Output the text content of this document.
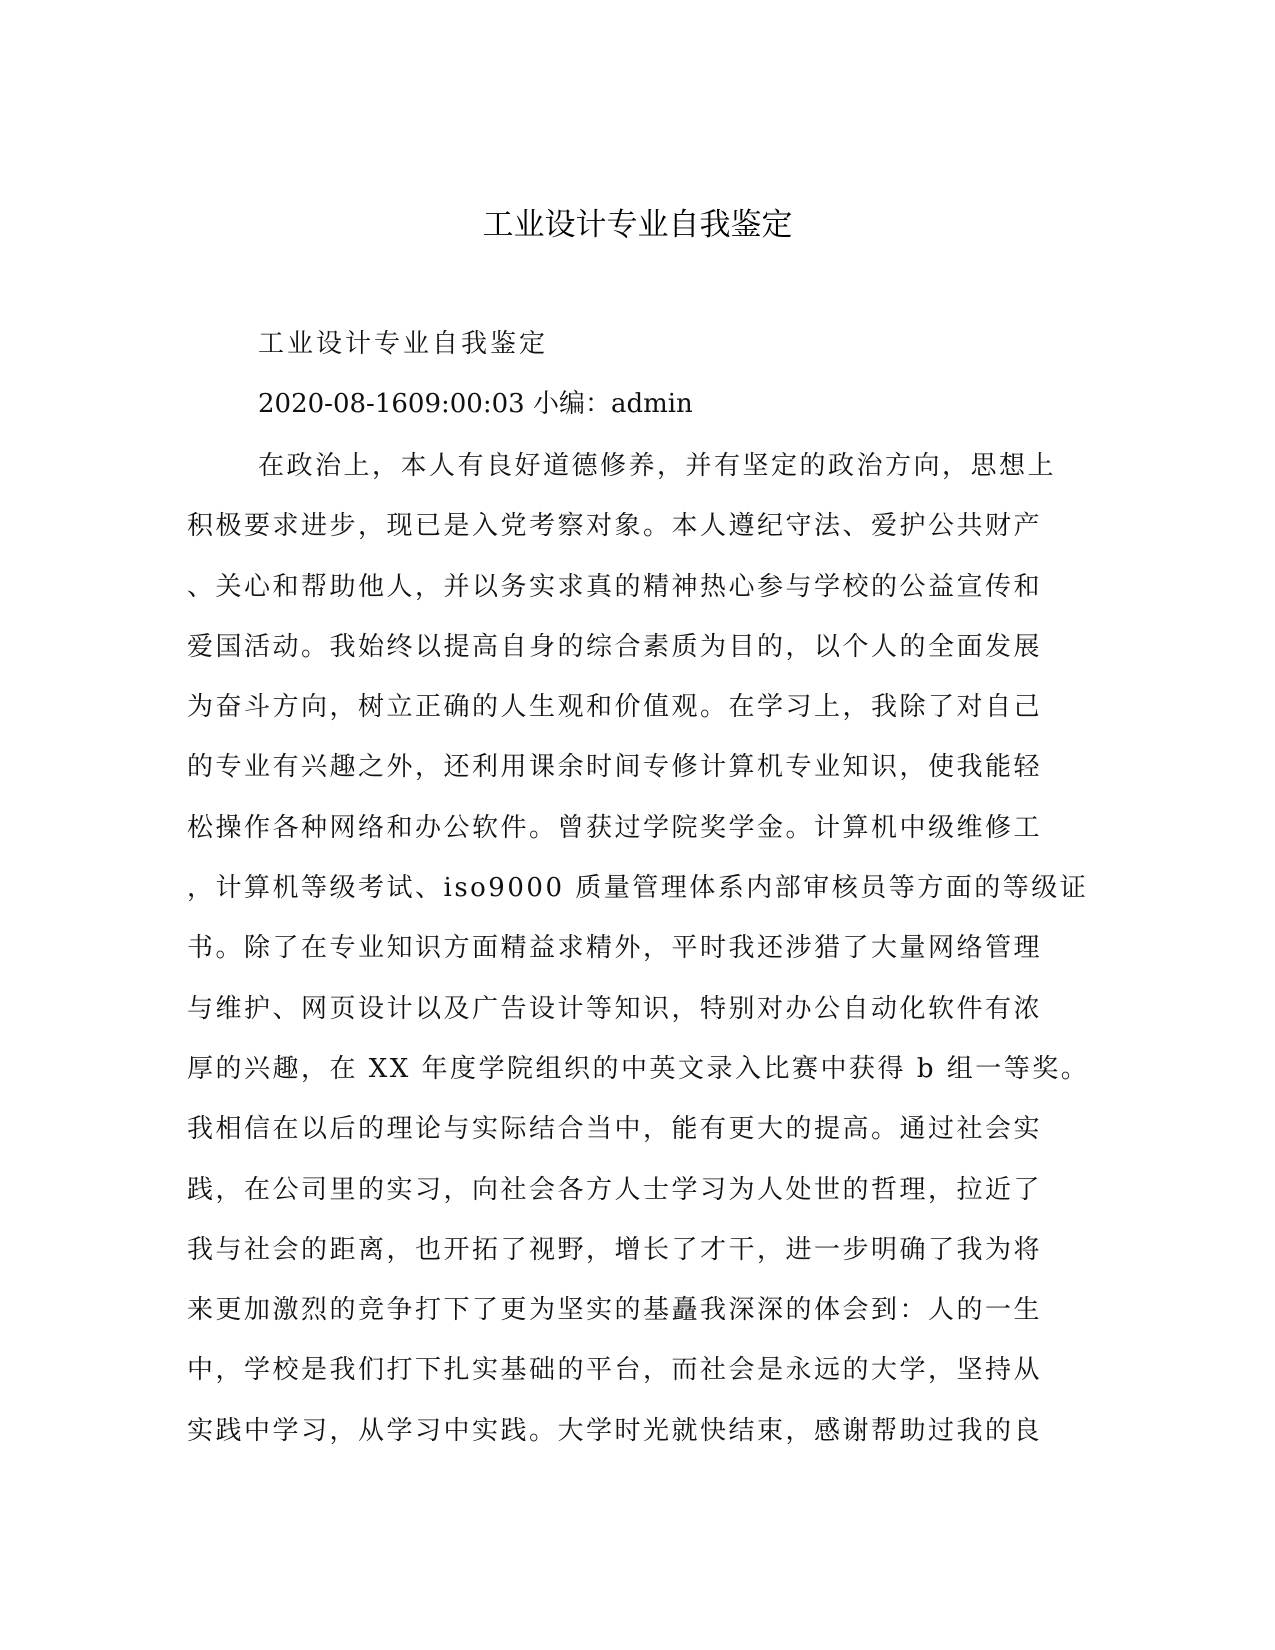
工业设计专业自我鉴定
工业设计专业自我鉴定
2020-08-1609:00:03 小编：admin
在政治上，本人有良好道德修养，并有坚定的政治方向，思想上
积极要求进步，现已是入党考察对象。本人遵纪守法、爱护公共财产
、关心和帮助他人，并以务实求真的精神热心参与学校的公益宣传和
爱国活动。我始终以提高自身的综合素质为目的，以个人的全面发展
为奋斗方向，树立正确的人生观和价值观。在学习上，我除了对自己
的专业有兴趣之外，还利用课余时间专修计算机专业知识，使我能轻
松操作各种网络和办公软件。曾获过学院奖学金。计算机中级维修工
，计算机等级考试、iso9000 质量管理体系内部审核员等方面的等级证
书。除了在专业知识方面精益求精外，平时我还涉猎了大量网络管理
与维护、网页设计以及广告设计等知识，特别对办公自动化软件有浓
厚的兴趣，在 XX 年度学院组织的中英文录入比赛中获得 b 组一等奖。
我相信在以后的理论与实际结合当中，能有更大的提高。通过社会实
践，在公司里的实习，向社会各方人士学习为人处世的哲理，拉近了
我与社会的距离，也开拓了视野，增长了才干，进一步明确了我为将
来更加激烈的竞争打下了更为坚实的基矗我深深的体会到：人的一生
中，学校是我们打下扎实基础的平台，而社会是永远的大学，坚持从
实践中学习，从学习中实践。大学时光就快结束，感谢帮助过我的良
